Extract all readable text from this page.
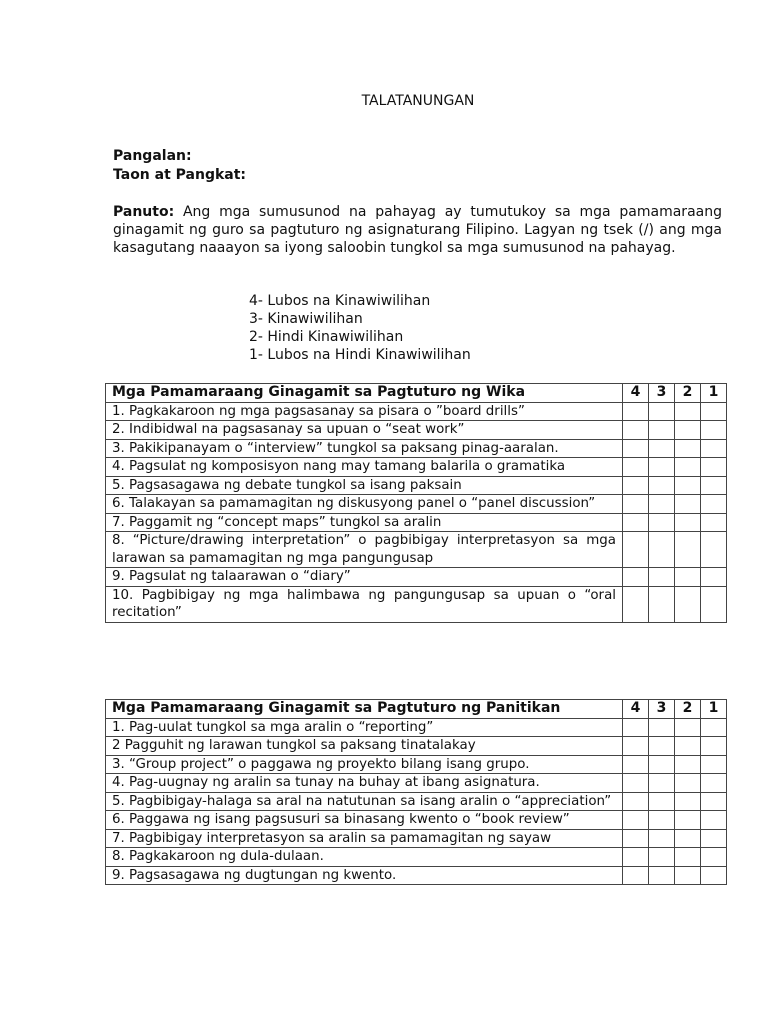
TALATANUNGAN
Pangalan:
Taon at Pangkat:
Panuto: Ang mga sumusunod na pahayag ay tumutukoy sa mga pamamaraang ginagamit ng guro sa pagtuturo ng asignaturang Filipino. Lagyan ng tsek (/) ang mga kasagutang naaayon sa iyong saloobin tungkol sa mga sumusunod na pahayag.
4- Lubos na Kinawiwilihan
3- Kinawiwilihan
2- Hindi Kinawiwilihan
1- Lubos na Hindi Kinawiwilihan
Mga Pamamaraang Ginagamit sa Pagtuturo ng Wika	4	3	2	1
1. Pagkakaroon ng mga pagsasanay sa pisara o ”board drills”				
2. Indibidwal na pagsasanay sa upuan o “seat work”				
3. Pakikipanayam o “interview” tungkol sa paksang pinag-aaralan.				
4. Pagsulat ng komposisyon nang may tamang balarila o gramatika				
5. Pagsasagawa ng debate tungkol sa isang paksain				
6. Talakayan sa pamamagitan ng diskusyong panel o “panel discussion”				
7. Paggamit ng “concept maps” tungkol sa aralin				
8. “Picture/drawing interpretation” o pagbibigay interpretasyon sa mga larawan sa pamamagitan ng mga pangungusap				
9. Pagsulat ng talaarawan o “diary”				
10. Pagbibigay ng mga halimbawa ng pangungusap sa upuan o “oral recitation”				
Mga Pamamaraang Ginagamit sa Pagtuturo ng Panitikan	4	3	2	1
1. Pag-uulat tungkol sa mga aralin o “reporting”				
2 Pagguhit ng larawan tungkol sa paksang tinatalakay				
3. “Group project” o paggawa ng proyekto bilang isang grupo.				
4. Pag-uugnay ng aralin sa tunay na buhay at ibang asignatura.				
5. Pagbibigay-halaga sa aral na natutunan sa isang aralin o “appreciation”				
6. Paggawa ng isang pagsusuri sa binasang kwento o “book review”				
7. Pagbibigay interpretasyon sa aralin sa pamamagitan ng sayaw				
8. Pagkakaroon ng dula-dulaan.				
9. Pagsasagawa ng dugtungan ng kwento.				
